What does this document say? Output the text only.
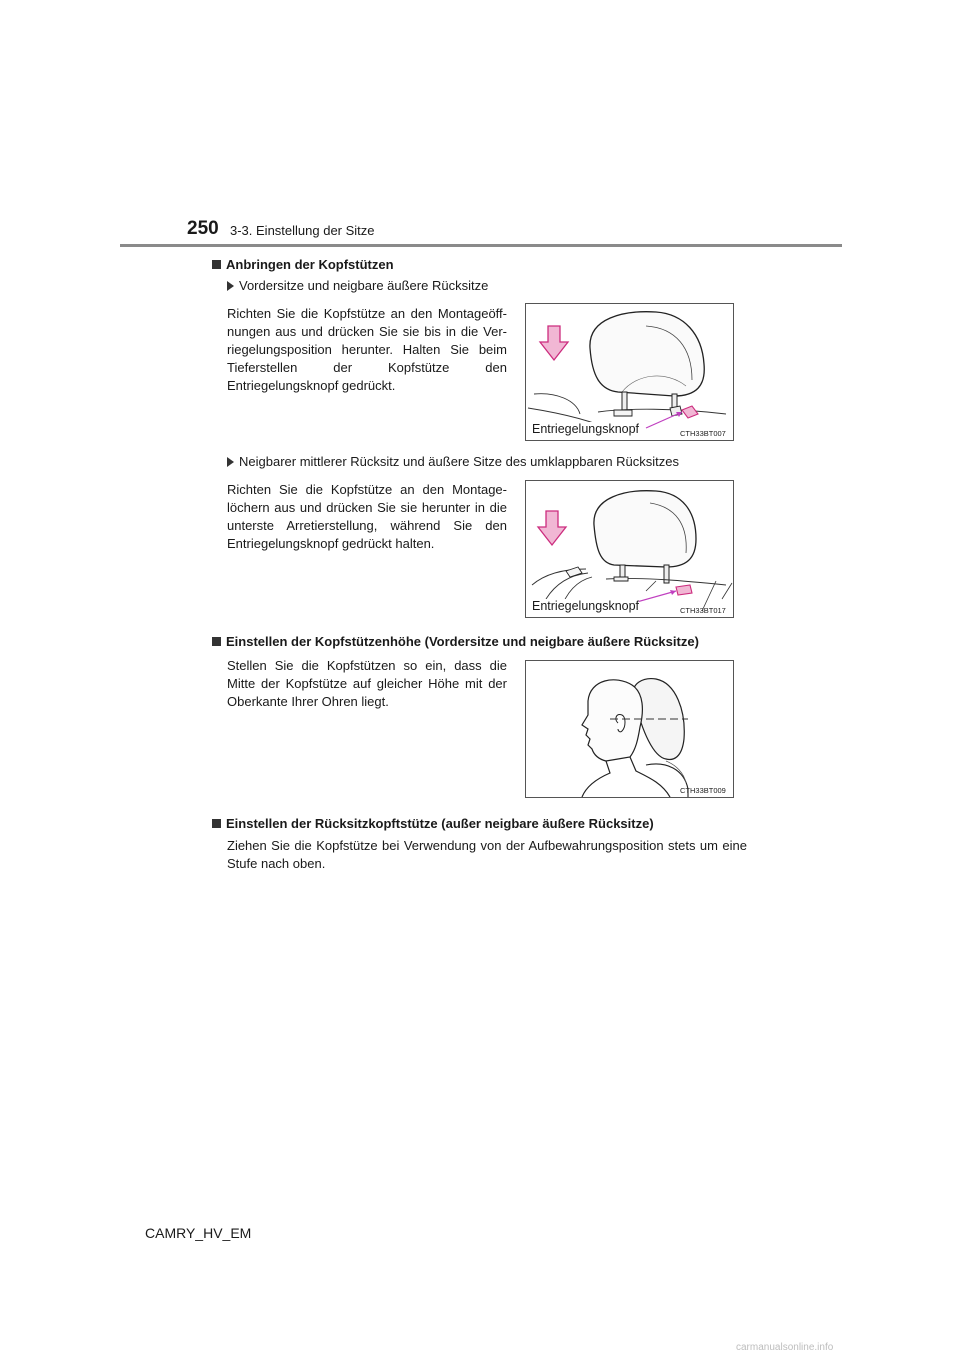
250 3-3. Einstellung der Sitze
Anbringen der Kopfstützen
Vordersitze und neigbare äußere Rücksitze
Richten Sie die Kopfstütze an den Montageöff-nungen aus und drücken Sie sie bis in die Ver-riegelungsposition herunter. Halten Sie beim Tieferstellen der Kopfstütze den Entriegelungsknopf gedrückt.
Entriegelungsknopf	CTH33BT007
Neigbarer mittlerer Rücksitz und äußere Sitze des umklappbaren Rücksitzes
Richten Sie die Kopfstütze an den Montage-löchern aus und drücken Sie sie herunter in die unterste Arretierstellung, während Sie den Entriegelungsknopf gedrückt halten.
Entriegelungsknopf	CTH33BT017
Einstellen der Kopfstützenhöhe (Vordersitze und neigbare äußere Rücksitze)
Stellen Sie die Kopfstützen so ein, dass die Mitte der Kopfstütze auf gleicher Höhe mit der Oberkante Ihrer Ohren liegt.
CTH33BT009
Einstellen der Rücksitzkopftstütze (außer neigbare äußere Rücksitze)
Ziehen Sie die Kopfstütze bei Verwendung von der Aufbewahrungsposition stets um eine Stufe nach oben.
CAMRY_HV_EM
carmanualsonline.info
